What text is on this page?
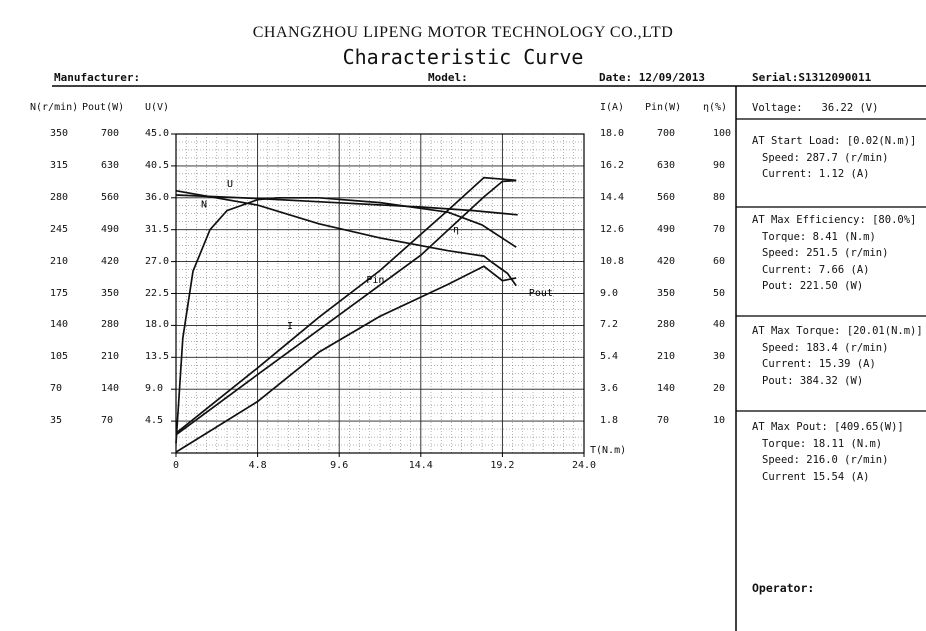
CHANGZHOU LIPENG MOTOR TECHNOLOGY CO.,LTD
Characteristic Curve
Manufacturer:	Model:	Date: 12/09/2013	Serial:S1312090011
N(r/min) Pout(W) U(V)	I(A) Pin(W) η(%)
350	700	45.0	18.0	700	100
315	630	40.5	16.2	630	90
280	560	36.0	14.4	560	80
245	490	31.5	12.6	490	70
210	420	27.0	10.8	420	60
175	350	22.5	9.0	350	50
140	280	18.0	7.2	280	40
105	210	13.5	5.4	210	30
70	140	9.0	3.6	140	20
35	70	4.5	1.8	70	10
0	4.8	9.6	14.4	19.2	24.0
T(N.m)
U
N
I
Pin
Pout
η
Voltage: 36.22 (V)
AT Start Load: [0.02(N.m)]
Speed: 287.7 (r/min)
Current: 1.12 (A)
AT Max Efficiency: [80.0%]
Torque: 8.41 (N.m)
Speed: 251.5 (r/min)
Current: 7.66 (A)
Pout: 221.50 (W)
AT Max Torque: [20.01(N.m)]
Speed: 183.4 (r/min)
Current: 15.39 (A)
Pout: 384.32 (W)
AT Max Pout: [409.65(W)]
Torque: 18.11 (N.m)
Speed: 216.0 (r/min)
Current 15.54 (A)
Operator:
